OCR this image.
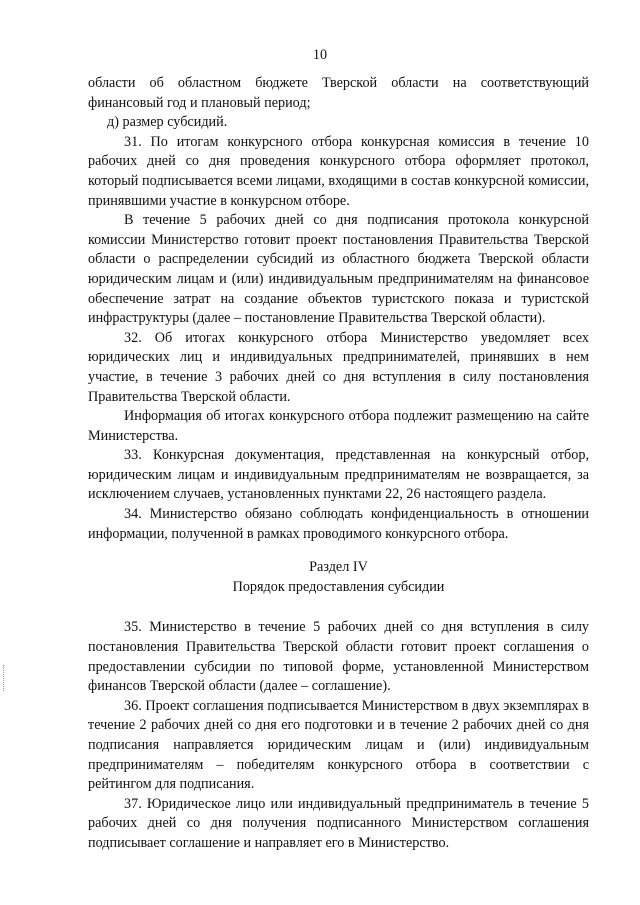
10

области об областном бюджете Тверской области на соответствующий финансовый год и плановый период;

д) размер субсидий.

31. По итогам конкурсного отбора конкурсная комиссия в течение 10 рабочих дней со дня проведения конкурсного отбора оформляет протокол, который подписывается всеми лицами, входящими в состав конкурсной комиссии, принявшими участие в конкурсном отборе.

В течение 5 рабочих дней со дня подписания протокола конкурсной комиссии Министерство готовит проект постановления Правительства Тверской области о распределении субсидий из областного бюджета Тверской области юридическим лицам и (или) индивидуальным предпринимателям на финансовое обеспечение затрат на создание объектов туристского показа и туристской инфраструктуры (далее – постановление Правительства Тверской области).

32. Об итогах конкурсного отбора Министерство уведомляет всех юридических лиц и индивидуальных предпринимателей, принявших в нем участие, в течение 3 рабочих дней со дня вступления в силу постановления Правительства Тверской области.

Информация об итогах конкурсного отбора подлежит размещению на сайте Министерства.

33. Конкурсная документация, представленная на конкурсный отбор, юридическим лицам и индивидуальным предпринимателям не возвращается, за исключением случаев, установленных пунктами 22, 26 настоящего раздела.

34. Министерство обязано соблюдать конфиденциальность в отношении информации, полученной в рамках проводимого конкурсного отбора.

Раздел IV
Порядок предоставления субсидии

35. Министерство в течение 5 рабочих дней со дня вступления в силу постановления Правительства Тверской области готовит проект соглашения о предоставлении субсидии по типовой форме, установленной Министерством финансов Тверской области (далее – соглашение).

36. Проект соглашения подписывается Министерством в двух экземплярах в течение 2 рабочих дней со дня его подготовки и в течение 2 рабочих дней со дня подписания направляется юридическим лицам и (или) индивидуальным предпринимателям – победителям конкурсного отбора в соответствии с рейтингом для подписания.

37. Юридическое лицо или индивидуальный предприниматель в течение 5 рабочих дней со дня получения подписанного Министерством соглашения подписывает соглашение и направляет его в Министерство.
